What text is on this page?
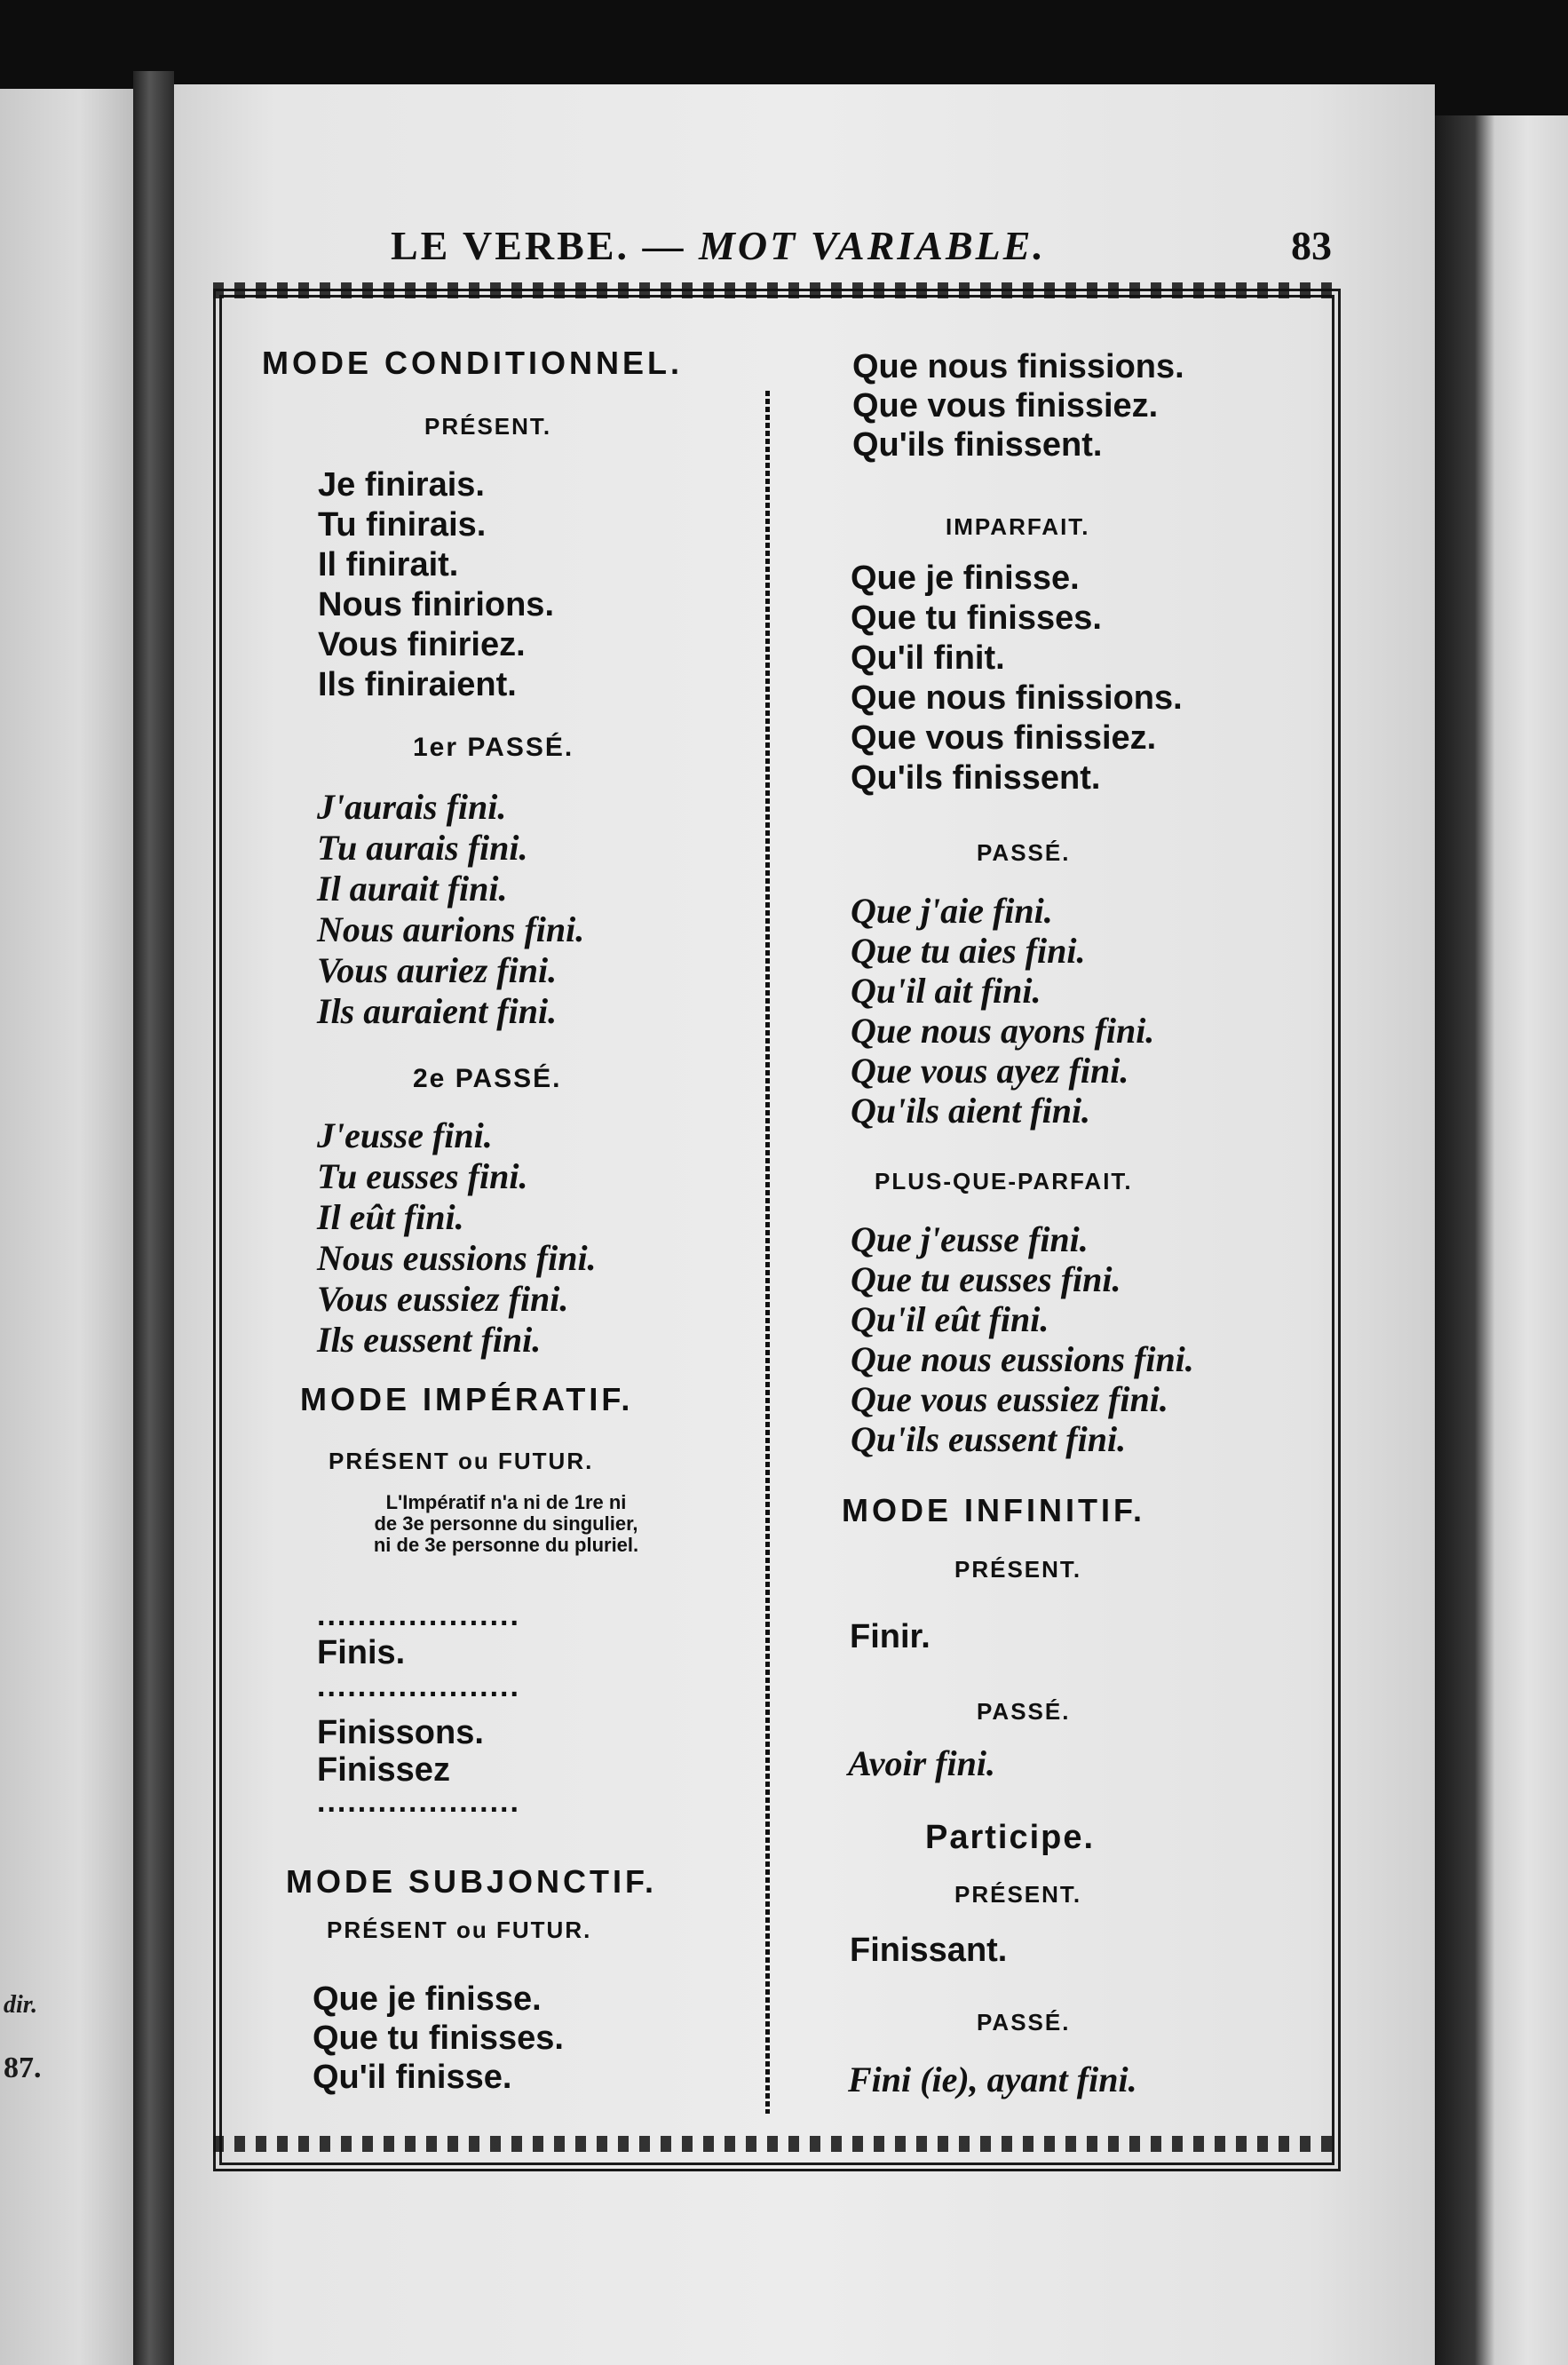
dir.
87.
LE VERBE. — MOT VARIABLE.	83
MODE CONDITIONNEL.
PRÉSENT.
Je finirais.
Tu finirais.
Il finirait.
Nous finirions.
Vous finiriez.
Ils finiraient.
1er PASSÉ.
J'aurais fini.
Tu aurais fini.
Il aurait fini.
Nous aurions fini.
Vous auriez fini.
Ils auraient fini.
2e PASSÉ.
J'eusse fini.
Tu eusses fini.
Il eût fini.
Nous eussions fini.
Vous eussiez fini.
Ils eussent fini.
MODE IMPÉRATIF.
PRÉSENT ou FUTUR.
L'Impératif n'a ni de 1re ni
de 3e personne du singulier,
ni de 3e personne du pluriel.
....................
Finis.
....................
Finissons.
Finissez
....................
MODE SUBJONCTIF.
PRÉSENT ou FUTUR.
Que je finisse.
Que tu finisses.
Qu'il finisse.
Que nous finissions.
Que vous finissiez.
Qu'ils finissent.
IMPARFAIT.
Que je finisse.
Que tu finisses.
Qu'il finit.
Que nous finissions.
Que vous finissiez.
Qu'ils finissent.
PASSÉ.
Que j'aie fini.
Que tu aies fini.
Qu'il ait fini.
Que nous ayons fini.
Que vous ayez fini.
Qu'ils aient fini.
PLUS-QUE-PARFAIT.
Que j'eusse fini.
Que tu eusses fini.
Qu'il eût fini.
Que nous eussions fini.
Que vous eussiez fini.
Qu'ils eussent fini.
MODE INFINITIF.
PRÉSENT.
Finir.
PASSÉ.
Avoir fini.
Participe.
PRÉSENT.
Finissant.
PASSÉ.
Fini (ie), ayant fini.
